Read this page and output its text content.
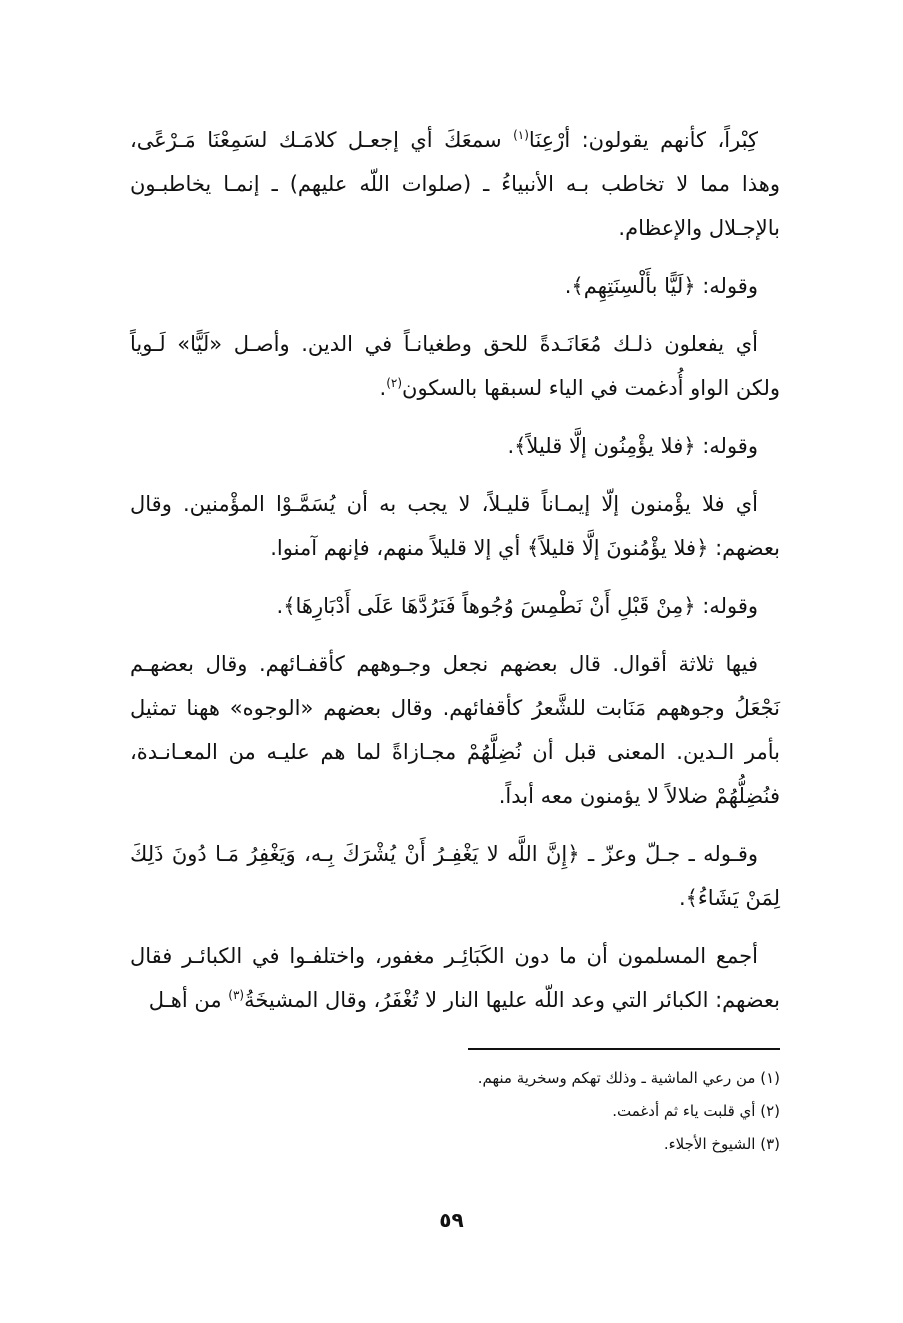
كِبْراً، كأنهم يقولون: أرْعِنَا$^{(١)}$ سمعَكَ أي إجعـل كلامَـك لسَمِعْنَا مَـرْعًى، وهذا مما لا تخاطب بـه الأنبياءُ ـ (صلوات اللّه عليهم) ـ إنمـا يخاطبـون بالإجـلال والإعظام.

وقوله: ﴿لَيًّا بأَلْسِنَتِهِم﴾.

أي يفعلون ذلـك مُعَانَـدةً للحق وطغيانـاً في الدين. وأصـل «لَيًّا» لَـوياً ولكن الواو أُدغمت في الياء لسبقها بالسكون$^{(٢)}$.

وقوله: ﴿فلا يؤْمِنُون إلَّا قليلاً﴾.

أي فلا يؤْمنون إلّا إيمـاناً قليـلاً، لا يجب به أن يُسَمَّـوْا المؤْمنين. وقال بعضهم: ﴿فلا يؤْمُنونَ إلَّا قليلاً﴾ أي إلا قليلاً منهم، فإنهم آمنوا.

وقوله: ﴿مِنْ قَبْلِ أَنْ نَطْمِسَ وُجُوهاً فَنَرُدَّهَا عَلَى أَدْبَارِهَا﴾.

فيها ثلاثة أقوال. قال بعضهم نجعل وجـوههم كأقفـائهم. وقال بعضهـم نَجْعَلُ وجوههم مَنَابت للشَّعرُ كأقفائهم. وقال بعضهم «الوجوه» ههنا تمثيل بأمر الـدين. المعنى قبل أن نُضِلَّهُمْ مجـازاةً لما هم عليـه من المعـانـدة، فنُضِلُّهُمْ ضلالاً لا يؤمنون معه أبداً.

وقـوله ـ جـلّ وعزّ ـ ﴿إِنَّ اللَّه لا يَغْفِـرُ أَنْ يُشْرَكَ بِـه، وَيَغْفِرُ مَـا دُونَ ذَلِكَ لِمَنْ يَشَاءُ﴾.

أجمع المسلمون أن ما دون الكَبَائِـر مغفور، واختلفـوا في الكبائـر فقال بعضهم: الكبائر التي وعد اللّه عليها النار لا تُغْفَرُ، وقال المشيخَةُ$^{(٣)}$ من أهـل

(١) من رعي الماشية ـ وذلك تهكم وسخرية منهم.

(٢) أي قلبت ياء ثم أدغمت.

(٣) الشيوخ الأجلاء.

٥٩
